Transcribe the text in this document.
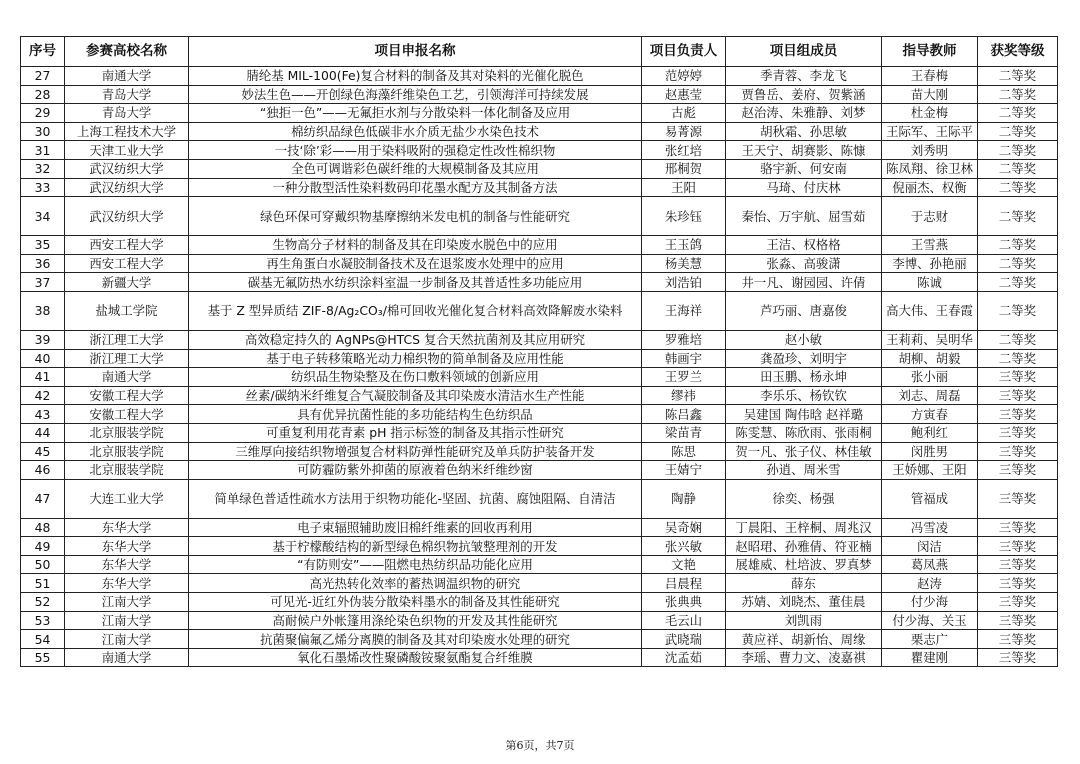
序号	参赛高校名称	项目申报名称	项目负责人	项目组成员	指导教师	获奖等级
27	南通大学	腈纶基 MIL-100(Fe)复合材料的制备及其对染料的光催化脱色	范婷婷	季青蓉、李龙飞	王春梅	二等奖
28	青岛大学	妙法生色——开创绿色海藻纤维染色工艺，引领海洋可持续发展	赵惠莹	贾鲁岳、姜府、贺紫涵	苗大刚	二等奖
29	青岛大学	“独拒一色”——无氟拒水剂与分散染料一体化制备及应用	古彪	赵治涛、朱雅静、刘梦	杜金梅	二等奖
30	上海工程技术大学	棉纺织品绿色低碳非水介质无盐少水染色技术	易菁源	胡秋霜、孙思敏	王际军、王际平	二等奖
31	天津工业大学	一技‘除’彩——用于染料吸附的强稳定性改性棉织物	张红培	王天宁、胡赛影、陈慷	刘秀明	二等奖
32	武汉纺织大学	全色可调谐彩色碳纤维的大规模制备及其应用	邢桐贺	骆宇新、何安南	陈凤翔、徐卫林	二等奖
33	武汉纺织大学	一种分散型活性染料数码印花墨水配方及其制备方法	王阳	马琦、付庆林	倪丽杰、权衡	二等奖
34	武汉纺织大学	绿色环保可穿戴织物基摩擦纳米发电机的制备与性能研究	朱珍钰	秦怡、万宇航、屈雪茹	于志财	二等奖
35	西安工程大学	生物高分子材料的制备及其在印染废水脱色中的应用	王玉鸽	王洁、权格格	王雪燕	二等奖
36	西安工程大学	再生角蛋白水凝胶制备技术及在退浆废水处理中的应用	杨美慧	张淼、高骏潇	李博、孙艳丽	二等奖
37	新疆大学	碳基无氟防热水纺织涂料室温一步制备及其普适性多功能应用	刘浩铂	井一凡、谢园园、许倩	陈诚	二等奖
38	盐城工学院	基于 Z 型异质结 ZIF-8/Ag₂CO₃/棉可回收光催化复合材料高效降解废水染料	王海祥	芦巧丽、唐嘉俊	高大伟、王春霞	二等奖
39	浙江理工大学	高效稳定持久的 AgNPs@HTCS 复合天然抗菌剂及其应用研究	罗雅培	赵小敏	王莉莉、吴明华	二等奖
40	浙江理工大学	基于电子转移策略光动力棉织物的简单制备及应用性能	韩画宇	龚盈珍、刘明宇	胡柳、胡毅	二等奖
41	南通大学	纺织品生物染整及在伤口敷料领域的创新应用	王罗兰	田玉鹏、杨永坤	张小丽	三等奖
42	安徽工程大学	丝素/碳纳米纤维复合气凝胶制备及其印染废水清洁水生产性能	缪祎	李乐乐、杨钦钦	刘志、周磊	三等奖
43	安徽工程大学	具有优异抗菌性能的多功能结构生色纺织品	陈吕鑫	吴建国 陶伟晗 赵祥璐	方寅春	三等奖
44	北京服装学院	可重复利用花青素 pH 指示标签的制备及其指示性研究	梁苗青	陈雯慧、陈欣雨、张雨桐	鲍利红	三等奖
45	北京服装学院	三维厚向接结织物增强复合材料防弹性能研究及单兵防护装备开发	陈思	贺一凡、张子仪、林佳敏	闵胜男	三等奖
46	北京服装学院	可防霾防紫外抑菌的原液着色纳米纤维纱窗	王婧宁	孙逍、周米雪	王娇娜、王阳	三等奖
47	大连工业大学	简单绿色普适性疏水方法用于织物功能化-坚固、抗菌、腐蚀阻隔、自清洁	陶静	徐奕、杨强	管福成	三等奖
48	东华大学	电子束辐照辅助废旧棉纤维素的回收再利用	吴奇娴	丁晨阳、王梓桐、周兆汉	冯雪凌	三等奖
49	东华大学	基于柠檬酸结构的新型绿色棉织物抗皱整理剂的开发	张兴敏	赵昭珺、孙雅倩、符亚楠	闵洁	三等奖
50	东华大学	“有防则安”——阻燃电热纺织品功能化应用	文艳	展雄威、杜培波、罗真梦	葛凤燕	三等奖
51	东华大学	高光热转化效率的蓄热调温织物的研究	吕晨程	薛东	赵涛	三等奖
52	江南大学	可见光-近红外伪装分散染料墨水的制备及其性能研究	张典典	苏婧、刘晓杰、董佳晨	付少海	三等奖
53	江南大学	高耐候户外帐篷用涤纶染色织物的开发及其性能研究	毛云山	刘凯雨	付少海、关玉	三等奖
54	江南大学	抗菌聚偏氟乙烯分离膜的制备及其对印染废水处理的研究	武晓瑞	黄应祥、胡新怡、周缘	栗志广	三等奖
55	南通大学	氧化石墨烯改性聚磷酸铵聚氨酯复合纤维膜	沈孟茹	李瑶、曹力文、凌嘉祺	瞿建刚	三等奖
第6页，共7页
